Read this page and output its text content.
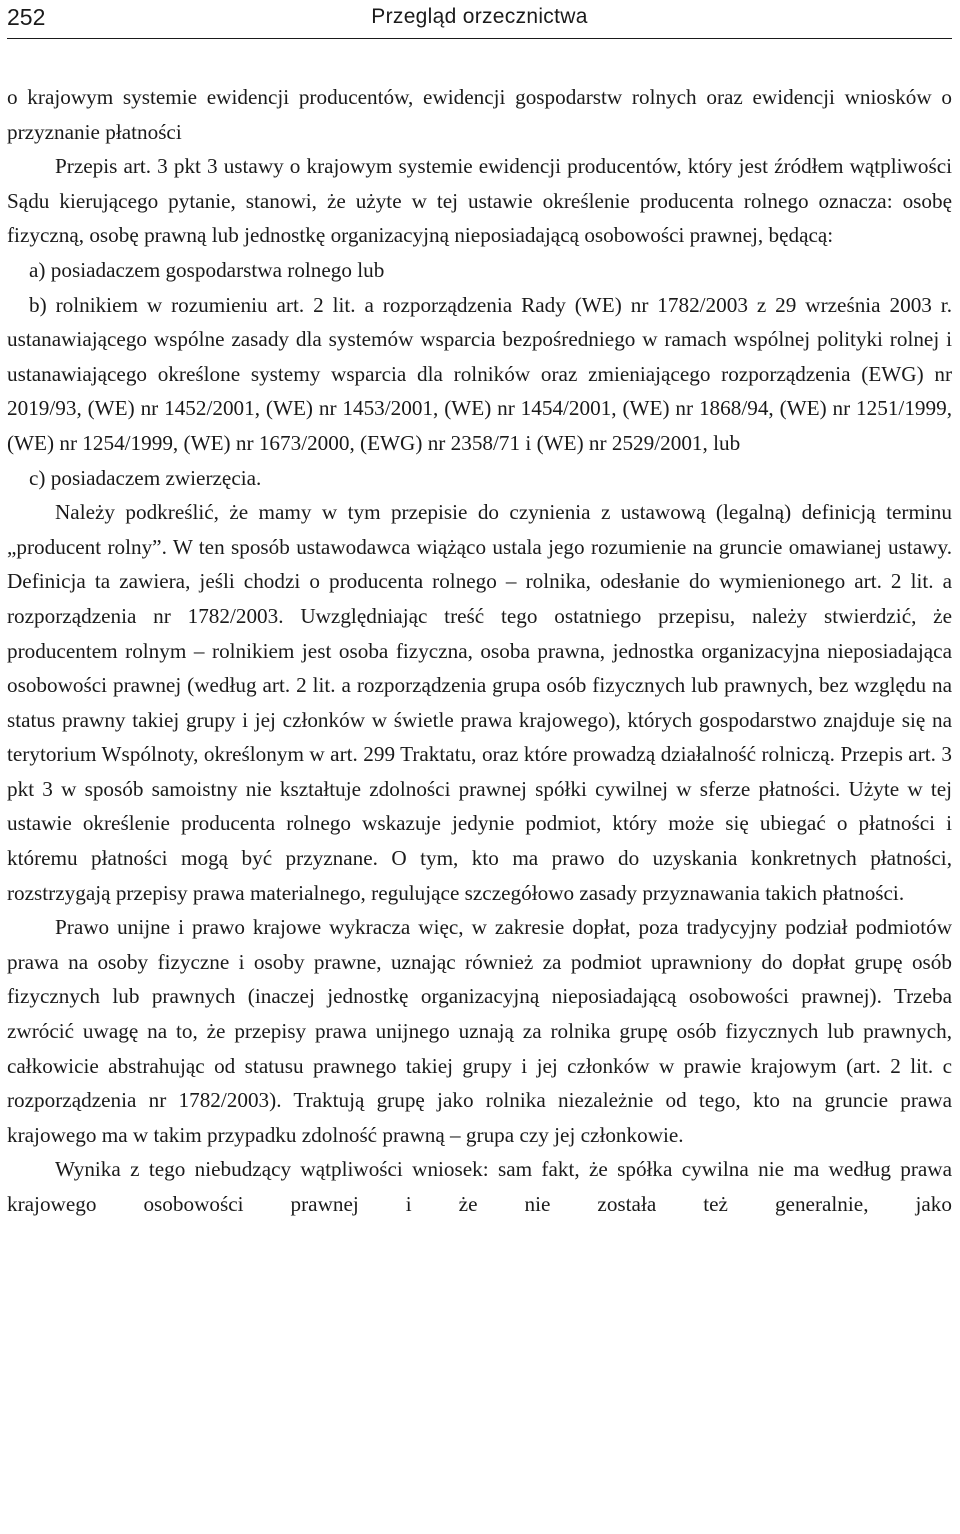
252	Przegląd orzecznictwa

o krajowym systemie ewidencji producentów, ewidencji gospodarstw rolnych oraz ewidencji wniosków o przyznanie płatności

Przepis art. 3 pkt 3 ustawy o krajowym systemie ewidencji producentów, który jest źródłem wątpliwości Sądu kierującego pytanie, stanowi, że użyte w tej ustawie określenie producenta rolnego oznacza: osobę fizyczną, osobę prawną lub jednostkę organizacyjną nieposiadającą osobowości prawnej, będącą:

a) posiadaczem gospodarstwa rolnego lub

b) rolnikiem w rozumieniu art. 2 lit. a rozporządzenia Rady (WE) nr 1782/2003 z 29 września 2003 r. ustanawiającego wspólne zasady dla systemów wsparcia bezpośredniego w ramach wspólnej polityki rolnej i ustanawiającego określone systemy wsparcia dla rolników oraz zmieniającego rozporządzenia (EWG) nr 2019/93, (WE) nr 1452/2001, (WE) nr 1453/2001, (WE) nr 1454/2001, (WE) nr 1868/94, (WE) nr 1251/1999, (WE) nr 1254/1999, (WE) nr 1673/2000, (EWG) nr 2358/71 i (WE) nr 2529/2001, lub

c) posiadaczem zwierzęcia.

Należy podkreślić, że mamy w tym przepisie do czynienia z ustawową (legalną) definicją terminu „producent rolny”. W ten sposób ustawodawca wiążąco ustala jego rozumienie na gruncie omawianej ustawy. Definicja ta zawiera, jeśli chodzi o producenta rolnego – rolnika, odesłanie do wymienionego art. 2 lit. a rozporządzenia nr 1782/2003. Uwzględniając treść tego ostatniego przepisu, należy stwierdzić, że producentem rolnym – rolnikiem jest osoba fizyczna, osoba prawna, jednostka organizacyjna nieposiadająca osobowości prawnej (według art. 2 lit. a rozporządzenia grupa osób fizycznych lub prawnych, bez względu na status prawny takiej grupy i jej członków w świetle prawa krajowego), których gospodarstwo znajduje się na terytorium Wspólnoty, określonym w art. 299 Traktatu, oraz które prowadzą działalność rolniczą. Przepis art. 3 pkt 3 w sposób samoistny nie kształtuje zdolności prawnej spółki cywilnej w sferze płatności. Użyte w tej ustawie określenie producenta rolnego wskazuje jedynie podmiot, który może się ubiegać o płatności i któremu płatności mogą być przyznane. O tym, kto ma prawo do uzyskania konkretnych płatności, rozstrzygają przepisy prawa materialnego, regulujące szczegółowo zasady przyznawania takich płatności.

Prawo unijne i prawo krajowe wykracza więc, w zakresie dopłat, poza tradycyjny podział podmiotów prawa na osoby fizyczne i osoby prawne, uznając również za podmiot uprawniony do dopłat grupę osób fizycznych lub prawnych (inaczej jednostkę organizacyjną nieposiadającą osobowości prawnej). Trzeba zwrócić uwagę na to, że przepisy prawa unijnego uznają za rolnika grupę osób fizycznych lub prawnych, całkowicie abstrahując od statusu prawnego takiej grupy i jej członków w prawie krajowym (art. 2 lit. c rozporządzenia nr 1782/2003). Traktują grupę jako rolnika niezależnie od tego, kto na gruncie prawa krajowego ma w takim przypadku zdolność prawną – grupa czy jej członkowie.

Wynika z tego niebudzący wątpliwości wniosek: sam fakt, że spółka cywilna nie ma według prawa krajowego osobowości prawnej i że nie została też generalnie, jako
